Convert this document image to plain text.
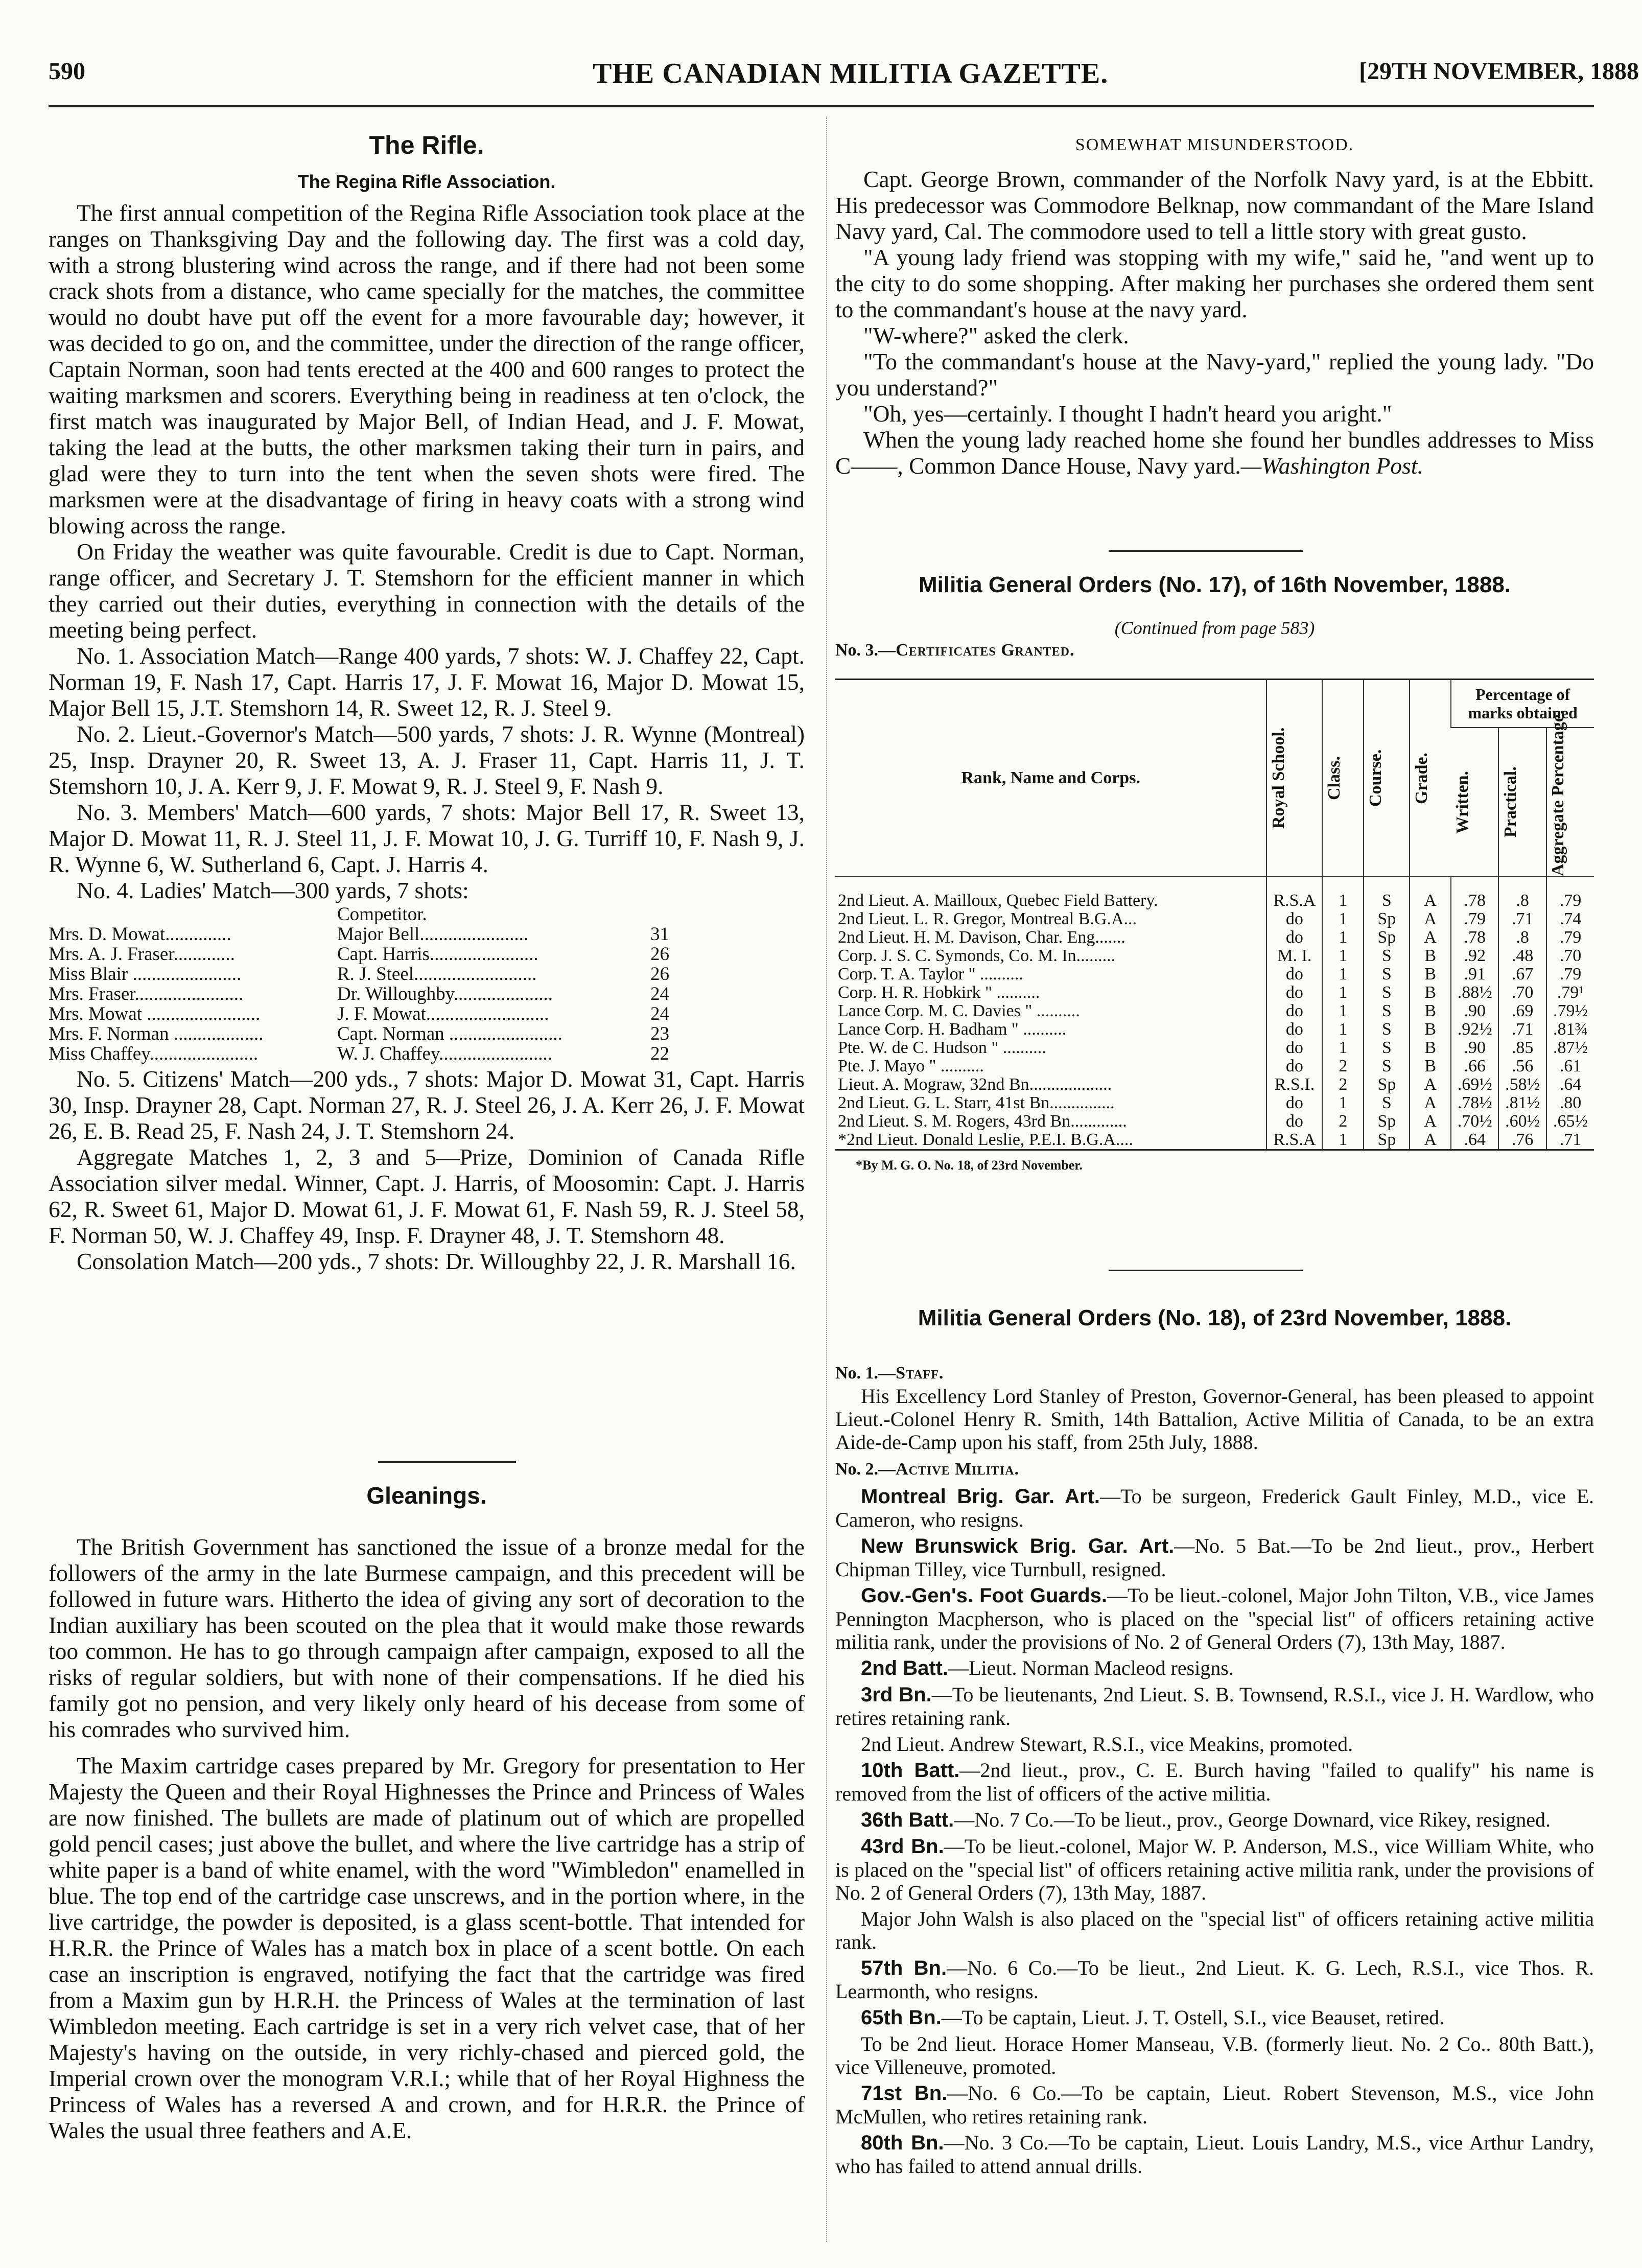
590	THE CANADIAN MILITIA GAZETTE.	[29TH NOVEMBER, 1888
The Rifle.
The Regina Rifle Association.

The first annual competition of the Regina Rifle Association took place at the ranges on Thanksgiving Day and the following day. The first was a cold day, with a strong blustering wind across the range, and if there had not been some crack shots from a distance, who came specially for the matches, the committee would no doubt have put off the event for a more favourable day; however, it was decided to go on, and the committee, under the direction of the range officer, Captain Norman, soon had tents erected at the 400 and 600 ranges to protect the waiting marksmen and scorers. Everything being in readiness at ten o'clock, the first match was inaugurated by Major Bell, of Indian Head, and J. F. Mowat, taking the lead at the butts, the other marksmen taking their turn in pairs, and glad were they to turn into the tent when the seven shots were fired. The marksmen were at the disadvantage of firing in heavy coats with a strong wind blowing across the range.

On Friday the weather was quite favourable. Credit is due to Capt. Norman, range officer, and Secretary J. T. Stemshorn for the efficient manner in which they carried out their duties, everything in connection with the details of the meeting being perfect.

No. 1. Association Match—Range 400 yards, 7 shots: W. J. Chaffey 22, Capt. Norman 19, F. Nash 17, Capt. Harris 17, J. F. Mowat 16, Major D. Mowat 15, Major Bell 15, J.T. Stemshorn 14, R. Sweet 12, R. J. Steel 9.

No. 2. Lieut.-Governor's Match—500 yards, 7 shots: J. R. Wynne (Montreal) 25, Insp. Drayner 20, R. Sweet 13, A. J. Fraser 11, Capt. Harris 11, J. T. Stemshorn 10, J. A. Kerr 9, J. F. Mowat 9, R. J. Steel 9, F. Nash 9.

No. 3. Members' Match—600 yards, 7 shots: Major Bell 17, R. Sweet 13, Major D. Mowat 11, R. J. Steel 11, J. F. Mowat 10, J. G. Turriff 10, F. Nash 9, J. R. Wynne 6, W. Sutherland 6, Capt. J. Harris 4.

No. 4. Ladies' Match—300 yards, 7 shots:

Competitor.
Mrs. D. Mowat..............	Major Bell.......................	31
Mrs. A. J. Fraser.............	Capt. Harris.......................	26
Miss Blair .......................	R. J. Steel..........................	26
Mrs. Fraser.......................	Dr. Willoughby.....................	24
Mrs. Mowat ........................	J. F. Mowat..........................	24
Mrs. F. Norman ...................	Capt. Norman ........................	23
Miss Chaffey.......................	W. J. Chaffey........................	22

No. 5. Citizens' Match—200 yds., 7 shots: Major D. Mowat 31, Capt. Harris 30, Insp. Drayner 28, Capt. Norman 27, R. J. Steel 26, J. A. Kerr 26, J. F. Mowat 26, E. B. Read 25, F. Nash 24, J. T. Stemshorn 24.

Aggregate Matches 1, 2, 3 and 5—Prize, Dominion of Canada Rifle Association silver medal. Winner, Capt. J. Harris, of Moosomin: Capt. J. Harris 62, R. Sweet 61, Major D. Mowat 61, J. F. Mowat 61, F. Nash 59, R. J. Steel 58, F. Norman 50, W. J. Chaffey 49, Insp. F. Drayner 48, J. T. Stemshorn 48.

Consolation Match—200 yds., 7 shots: Dr. Willoughby 22, J. R. Marshall 16.

Gleanings.

The British Government has sanctioned the issue of a bronze medal for the followers of the army in the late Burmese campaign, and this precedent will be followed in future wars. Hitherto the idea of giving any sort of decoration to the Indian auxiliary has been scouted on the plea that it would make those rewards too common. He has to go through campaign after campaign, exposed to all the risks of regular soldiers, but with none of their compensations. If he died his family got no pension, and very likely only heard of his decease from some of his comrades who survived him.

The Maxim cartridge cases prepared by Mr. Gregory for presentation to Her Majesty the Queen and their Royal Highnesses the Prince and Princess of Wales are now finished. The bullets are made of platinum out of which are propelled gold pencil cases; just above the bullet, and where the live cartridge has a strip of white paper is a band of white enamel, with the word "Wimbledon" enamelled in blue. The top end of the cartridge case unscrews, and in the portion where, in the live cartridge, the powder is deposited, is a glass scent-bottle. That intended for H.R.R. the Prince of Wales has a match box in place of a scent bottle. On each case an inscription is engraved, notifying the fact that the cartridge was fired from a Maxim gun by H.R.H. the Princess of Wales at the termination of last Wimbledon meeting. Each cartridge is set in a very rich velvet case, that of her Majesty's having on the outside, in very richly-chased and pierced gold, the Imperial crown over the monogram V.R.I.; while that of her Royal Highness the Princess of Wales has a reversed A and crown, and for H.R.R. the Prince of Wales the usual three feathers and A.E.

SOMEWHAT MISUNDERSTOOD.

Capt. George Brown, commander of the Norfolk Navy yard, is at the Ebbitt. His predecessor was Commodore Belknap, now commandant of the Mare Island Navy yard, Cal. The commodore used to tell a little story with great gusto.

"A young lady friend was stopping with my wife," said he, "and went up to the city to do some shopping. After making her purchases she ordered them sent to the commandant's house at the navy yard.

"W-where?" asked the clerk.

"To the commandant's house at the Navy-yard," replied the young lady. "Do you understand?"

"Oh, yes—certainly. I thought I hadn't heard you aright."

When the young lady reached home she found her bundles addresses to Miss C——, Common Dance House, Navy yard.—Washington Post.

Militia General Orders (No. 17), of 16th November, 1888.
(Continued from page 583)
No. 3.—Certificates Granted.
Rank, Name and Corps.	Royal School.	Class.	Course.	Grade.	Percentage of marks obtained		

					Written.	Practical.	Aggregate Percentage.

2nd Lieut. A. Mailloux, Quebec Field Battery.	R.S.A	1	S	A	.78	.8	.79
2nd Lieut. L. R. Gregor, Montreal B.G.A...	do	1	Sp	A	.79	.71	.74
2nd Lieut. H. M. Davison, Char. Eng.......	do	1	Sp	A	.78	.8	.79
Corp. J. S. C. Symonds, Co. M. In.........	M. I.	1	S	B	.92	.48	.70
Corp. T. A. Taylor " ..........	do	1	S	B	.91	.67	.79
Corp. H. R. Hobkirk " ..........	do	1	S	B	.88½	.70	.79¹
Lance Corp. M. C. Davies " ..........	do	1	S	B	.90	.69	.79½
Lance Corp. H. Badham " ..........	do	1	S	B	.92½	.71	.81¾
Pte. W. de C. Hudson " ..........	do	1	S	B	.90	.85	.87½
Pte. J. Mayo " ..........	do	2	S	B	.66	.56	.61
Lieut. A. Mograw, 32nd Bn...................	R.S.I.	2	Sp	A	.69½	.58½	.64
2nd Lieut. G. L. Starr, 41st Bn...............	do	1	S	A	.78½	.81½	.80
2nd Lieut. S. M. Rogers, 43rd Bn.............	do	2	Sp	A	.70½	.60½	.65½
*2nd Lieut. Donald Leslie, P.E.I. B.G.A....	R.S.A	1	Sp	A	.64	.76	.71
*By M. G. O. No. 18, of 23rd November.
Militia General Orders (No. 18), of 23rd November, 1888.
No. 1.—Staff.

His Excellency Lord Stanley of Preston, Governor-General, has been pleased to appoint Lieut.-Colonel Henry R. Smith, 14th Battalion, Active Militia of Canada, to be an extra Aide-de-Camp upon his staff, from 25th July, 1888.

No. 2.—Active Militia.

Montreal Brig. Gar. Art.—To be surgeon, Frederick Gault Finley, M.D., vice E. Cameron, who resigns.

New Brunswick Brig. Gar. Art.—No. 5 Bat.—To be 2nd lieut., prov., Herbert Chipman Tilley, vice Turnbull, resigned.

Gov.-Gen's. Foot Guards.—To be lieut.-colonel, Major John Tilton, V.B., vice James Pennington Macpherson, who is placed on the "special list" of officers retaining active militia rank, under the provisions of No. 2 of General Orders (7), 13th May, 1887.

2nd Batt.—Lieut. Norman Macleod resigns.

3rd Bn.—To be lieutenants, 2nd Lieut. S. B. Townsend, R.S.I., vice J. H. Wardlow, who retires retaining rank.

2nd Lieut. Andrew Stewart, R.S.I., vice Meakins, promoted.

10th Batt.—2nd lieut., prov., C. E. Burch having "failed to qualify" his name is removed from the list of officers of the active militia.

36th Batt.—No. 7 Co.—To be lieut., prov., George Downard, vice Rikey, resigned.

43rd Bn.—To be lieut.-colonel, Major W. P. Anderson, M.S., vice William White, who is placed on the "special list" of officers retaining active militia rank, under the provisions of No. 2 of General Orders (7), 13th May, 1887.

Major John Walsh is also placed on the "special list" of officers retaining active militia rank.

57th Bn.—No. 6 Co.—To be lieut., 2nd Lieut. K. G. Lech, R.S.I., vice Thos. R. Learmonth, who resigns.

65th Bn.—To be captain, Lieut. J. T. Ostell, S.I., vice Beauset, retired.

To be 2nd lieut. Horace Homer Manseau, V.B. (formerly lieut. No. 2 Co.. 80th Batt.), vice Villeneuve, promoted.

71st Bn.—No. 6 Co.—To be captain, Lieut. Robert Stevenson, M.S., vice John McMullen, who retires retaining rank.

80th Bn.—No. 3 Co.—To be captain, Lieut. Louis Landry, M.S., vice Arthur Landry, who has failed to attend annual drills.
